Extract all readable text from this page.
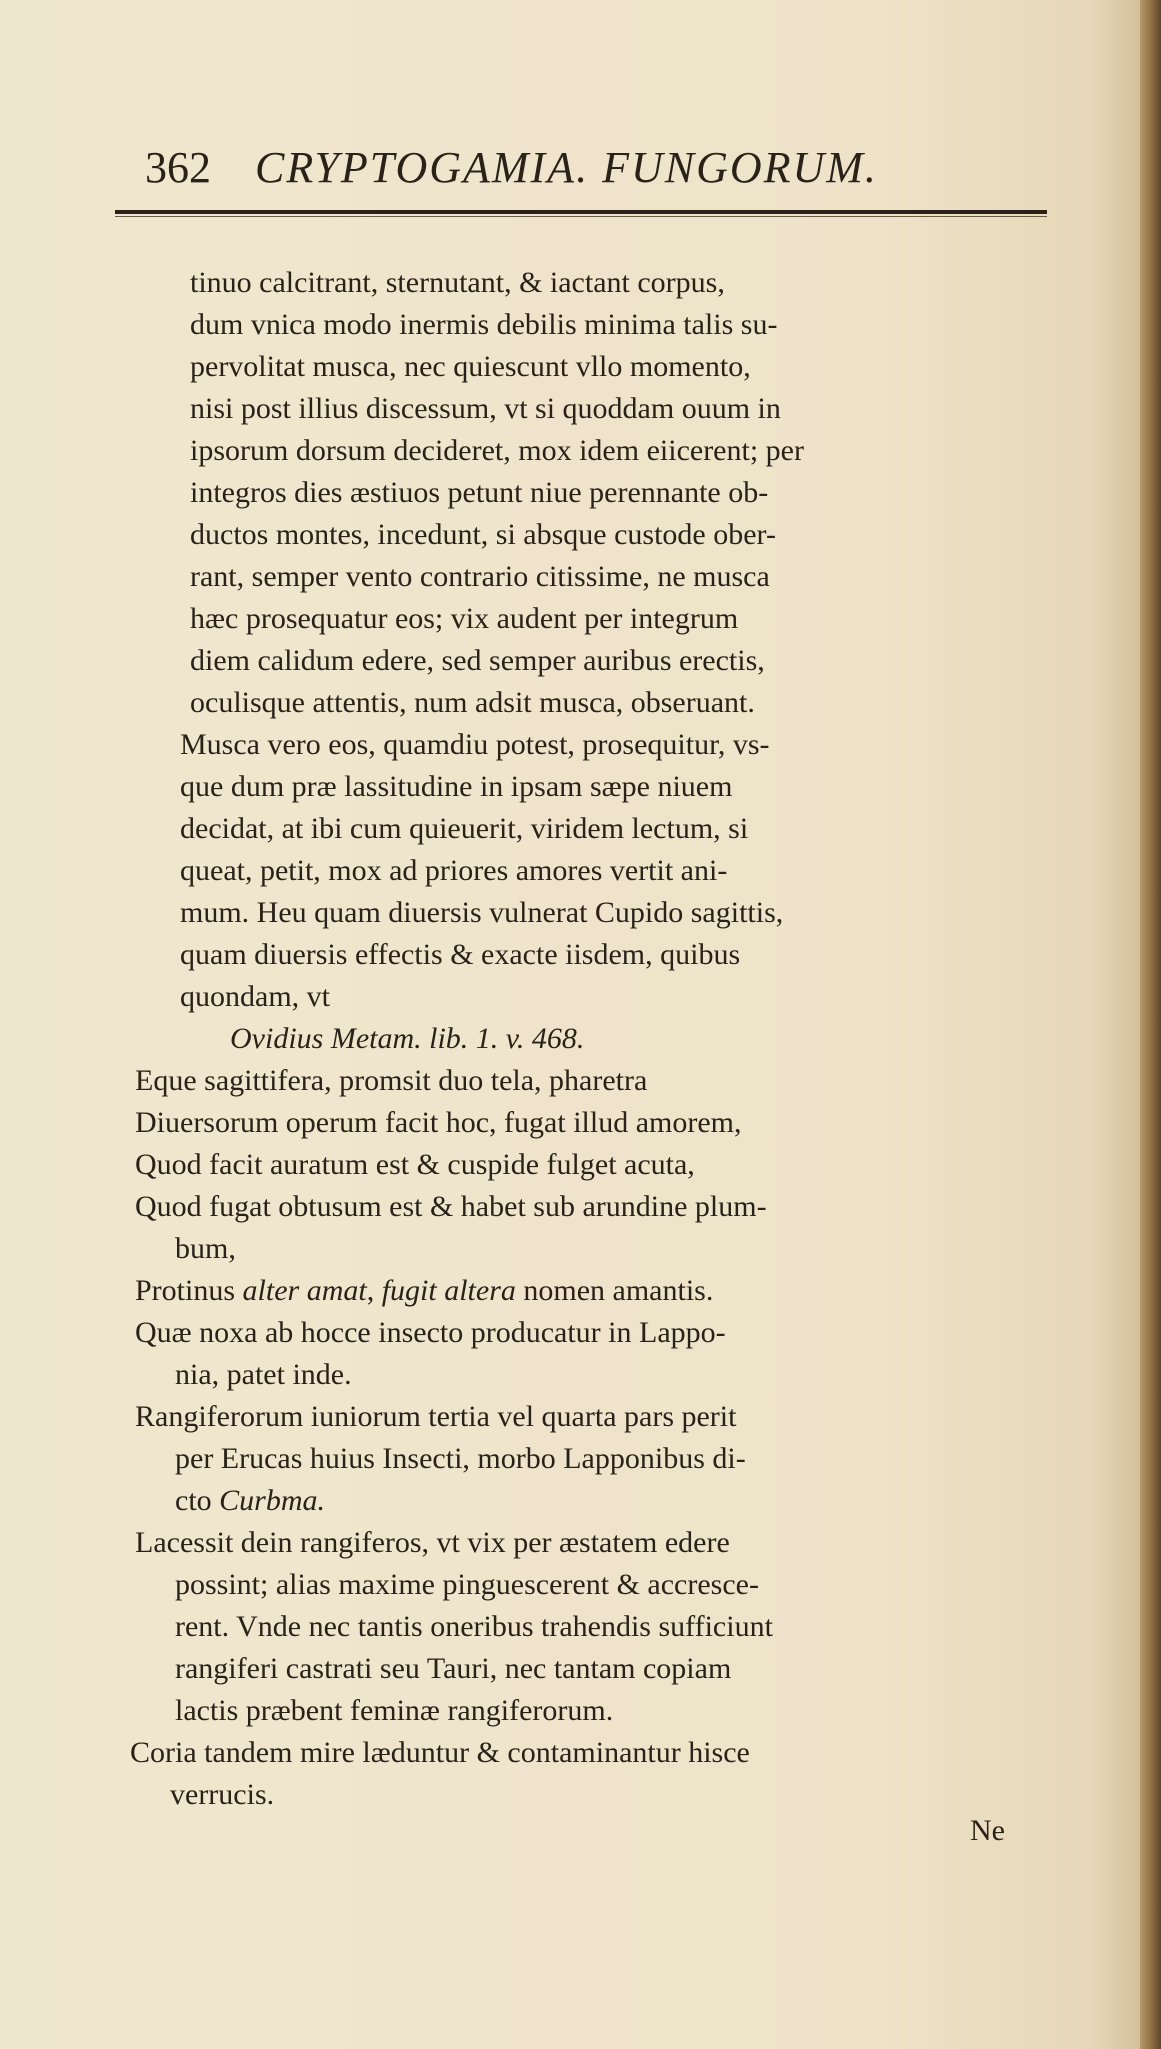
362 CRYPTOGAMIA. FUNGORUM.
tinuo calcitrant, sternutant, & iactant corpus,
dum vnica modo inermis debilis minima talis su-
pervolitat musca, nec quiescunt vllo momento,
nisi post illius discessum, vt si quoddam ouum in
ipsorum dorsum decideret, mox idem eiicerent; per
integros dies æstiuos petunt niue perennante ob-
ductos montes, incedunt, si absque custode ober-
rant, semper vento contrario citissime, ne musca
hæc prosequatur eos; vix audent per integrum
diem calidum edere, sed semper auribus erectis,
oculisque attentis, num adsit musca, obseruant.
Musca vero eos, quamdiu potest, prosequitur, vs-
que dum præ lassitudine in ipsam sæpe niuem
decidat, at ibi cum quieuerit, viridem lectum, si
queat, petit, mox ad priores amores vertit ani-
mum. Heu quam diuersis vulnerat Cupido sagittis,
quam diuersis effectis & exacte iisdem, quibus
quondam, vt
Ovidius Metam. lib. 1. v. 468.
Eque sagittifera, promsit duo tela, pharetra
Diuersorum operum facit hoc, fugat illud amorem,
Quod facit auratum est & cuspide fulget acuta,
Quod fugat obtusum est & habet sub arundine plum-
bum,
Protinus alter amat, fugit altera nomen amantis.
Quæ noxa ab hocce insecto producatur in Lappo-
nia, patet inde.
Rangiferorum iuniorum tertia vel quarta pars perit
per Erucas huius Insecti, morbo Lapponibus di-
cto Curbma.
Lacessit dein rangiferos, vt vix per æstatem edere
possint; alias maxime pinguescerent & accresce-
rent. Vnde nec tantis oneribus trahendis sufficiunt
rangiferi castrati seu Tauri, nec tantam copiam
lactis præbent feminæ rangiferorum.
Coria tandem mire læduntur & contaminantur hisce
verrucis.
Ne
